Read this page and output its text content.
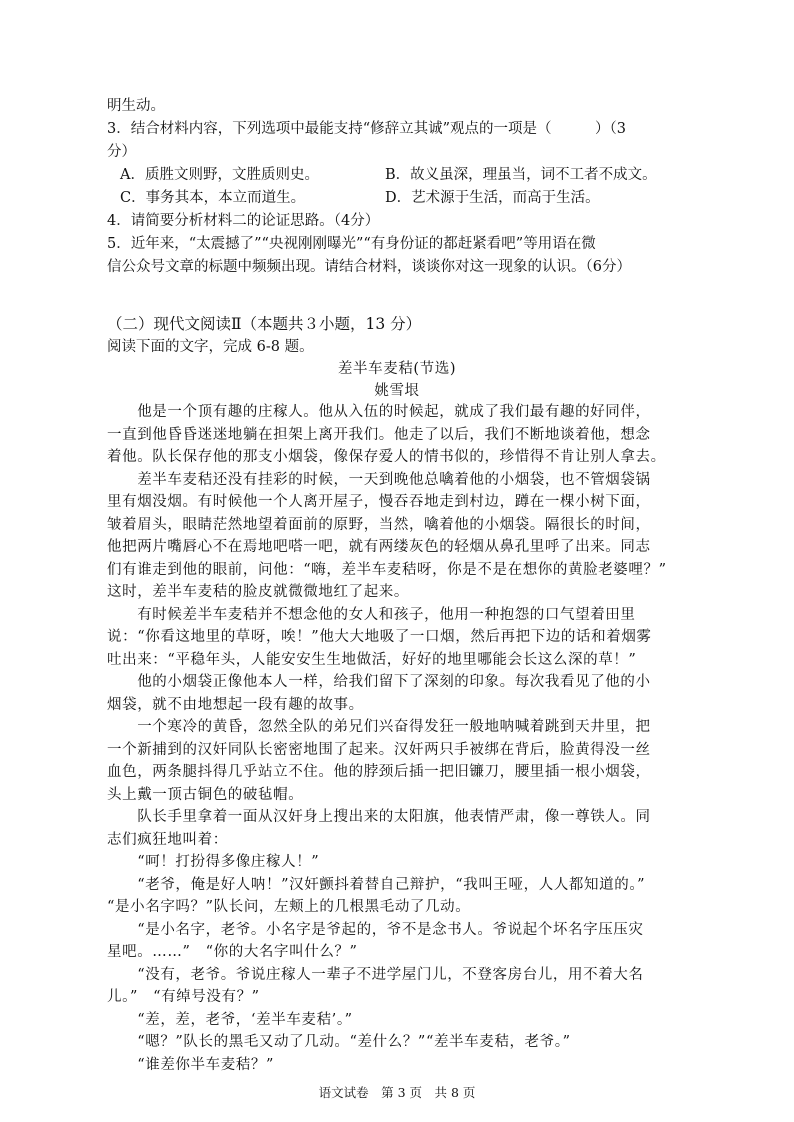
明生动。
3．结合材料内容，下列选项中最能支持“修辞立其诚”观点的一项是（　　　）（3
分）
A．质胜文则野，文胜质则史。	B．故义虽深，理虽当，词不工者不成文。
C．事务其本，本立而道生。	D．艺术源于生活，而高于生活。
4．请简要分析材料二的论证思路。（4分）
5．近年来，“太震撼了”“央视刚刚曝光”“有身份证的都赶紧看吧”等用语在微
信公众号文章的标题中频频出现。请结合材料，谈谈你对这一现象的认识。（6分）
（二）现代文阅读Ⅱ（本题共３小题，13 分）
阅读下面的文字，完成 6-8 题。
差半车麦秸(节选)
姚雪垠
　　他是一个顶有趣的庄稼人。他从入伍的时候起，就成了我们最有趣的好同伴，
一直到他昏昏迷迷地躺在担架上离开我们。他走了以后，我们不断地谈着他，想念
着他。队长保存他的那支小烟袋，像保存爱人的情书似的，珍惜得不肯让别人拿去。
　　差半车麦秸还没有挂彩的时候，一天到晚他总噙着他的小烟袋，也不管烟袋锅
里有烟没烟。有时候他一个人离开屋子，慢吞吞地走到村边，蹲在一棵小树下面，
皱着眉头，眼睛茫然地望着面前的原野，当然，噙着他的小烟袋。隔很长的时间，
他把两片嘴唇心不在焉地吧嗒一吧，就有两缕灰色的轻烟从鼻孔里呼了出来。同志
们有谁走到他的眼前，问他：“嗨，差半车麦秸呀，你是不是在想你的黄脸老婆哩？”
这时，差半车麦秸的脸皮就微微地红了起来。
　　有时候差半车麦秸并不想念他的女人和孩子，他用一种抱怨的口气望着田里
说：“你看这地里的草呀，唉！”他大大地吸了一口烟，然后再把下边的话和着烟雾
吐出来：“平稳年头，人能安安生生地做活，好好的地里哪能会长这么深的草！”
　　他的小烟袋正像他本人一样，给我们留下了深刻的印象。每次我看见了他的小
烟袋，就不由地想起一段有趣的故事。
　　一个寒冷的黄昏，忽然全队的弟兄们兴奋得发狂一般地呐喊着跳到天井里，把
一个新捕到的汉奸同队长密密地围了起来。汉奸两只手被绑在背后，脸黄得没一丝
血色，两条腿抖得几乎站立不住。他的脖颈后插一把旧镰刀，腰里插一根小烟袋，
头上戴一顶古铜色的破毡帽。
　　队长手里拿着一面从汉奸身上搜出来的太阳旗，他表情严肃，像一尊铁人。同
志们疯狂地叫着：
　　“呵！打扮得多像庄稼人！”
　　“老爷，俺是好人呐！”汉奸颤抖着替自己辩护，“我叫王哑，人人都知道的。”
“是小名字吗？”队长问，左颊上的几根黑毛动了几动。
　　“是小名字，老爷。小名字是爷起的，爷不是念书人。爷说起个坏名字压压灾
星吧。……”　“你的大名字叫什么？”
　　“没有，老爷。爷说庄稼人一辈子不进学屋门儿，不登客房台儿，用不着大名
儿。”　“有绰号没有？”
　　“差，差，老爷，‘差半车麦秸’。”
　　“嗯？”队长的黑毛又动了几动。“差什么？”“差半车麦秸，老爷。”
　　“谁差你半车麦秸？”
语文试卷　第 3 页　共 8 页
